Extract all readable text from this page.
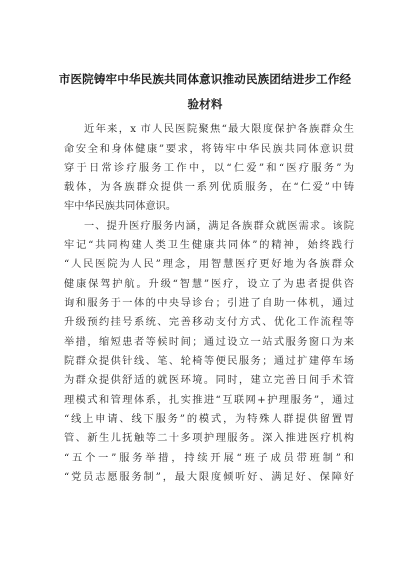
市医院铸牢中华民族共同体意识推动民族团结进步工作经
验材料
近年来，x 市人民医院聚焦“最大限度保护各族群众生
命安全和身体健康”要求，将铸牢中华民族共同体意识贯
穿于日常诊疗服务工作中，以“仁爱”和“医疗服务”为
载体，为各族群众提供一系列优质服务，在“仁爱”中铸
牢中华民族共同体意识。
一、提升医疗服务内涵，满足各族群众就医需求。该院
牢记“共同构建人类卫生健康共同体”的精神，始终践行
“人民医院为人民”理念，用智慧医疗更好地为各族群众
健康保驾护航。升级“智慧”医疗，设立了为患者提供咨
询和服务于一体的中央导诊台；引进了自助一体机，通过
升级预约挂号系统、完善移动支付方式、优化工作流程等
举措，缩短患者等候时间；通过设立一站式服务窗口为来
院群众提供针线、笔、轮椅等便民服务；通过扩建停车场
为群众提供舒适的就医环境。同时，建立完善日间手术管
理模式和管理体系，扎实推进“互联网+护理服务”，通过
“线上申请、线下服务”的模式，为特殊人群提供留置胃
管、新生儿抚触等二十多项护理服务。深入推进医疗机构
“五个一”服务举措，持续开展“班子成员带班制”和
“党员志愿服务制”，最大限度倾听好、满足好、保障好
